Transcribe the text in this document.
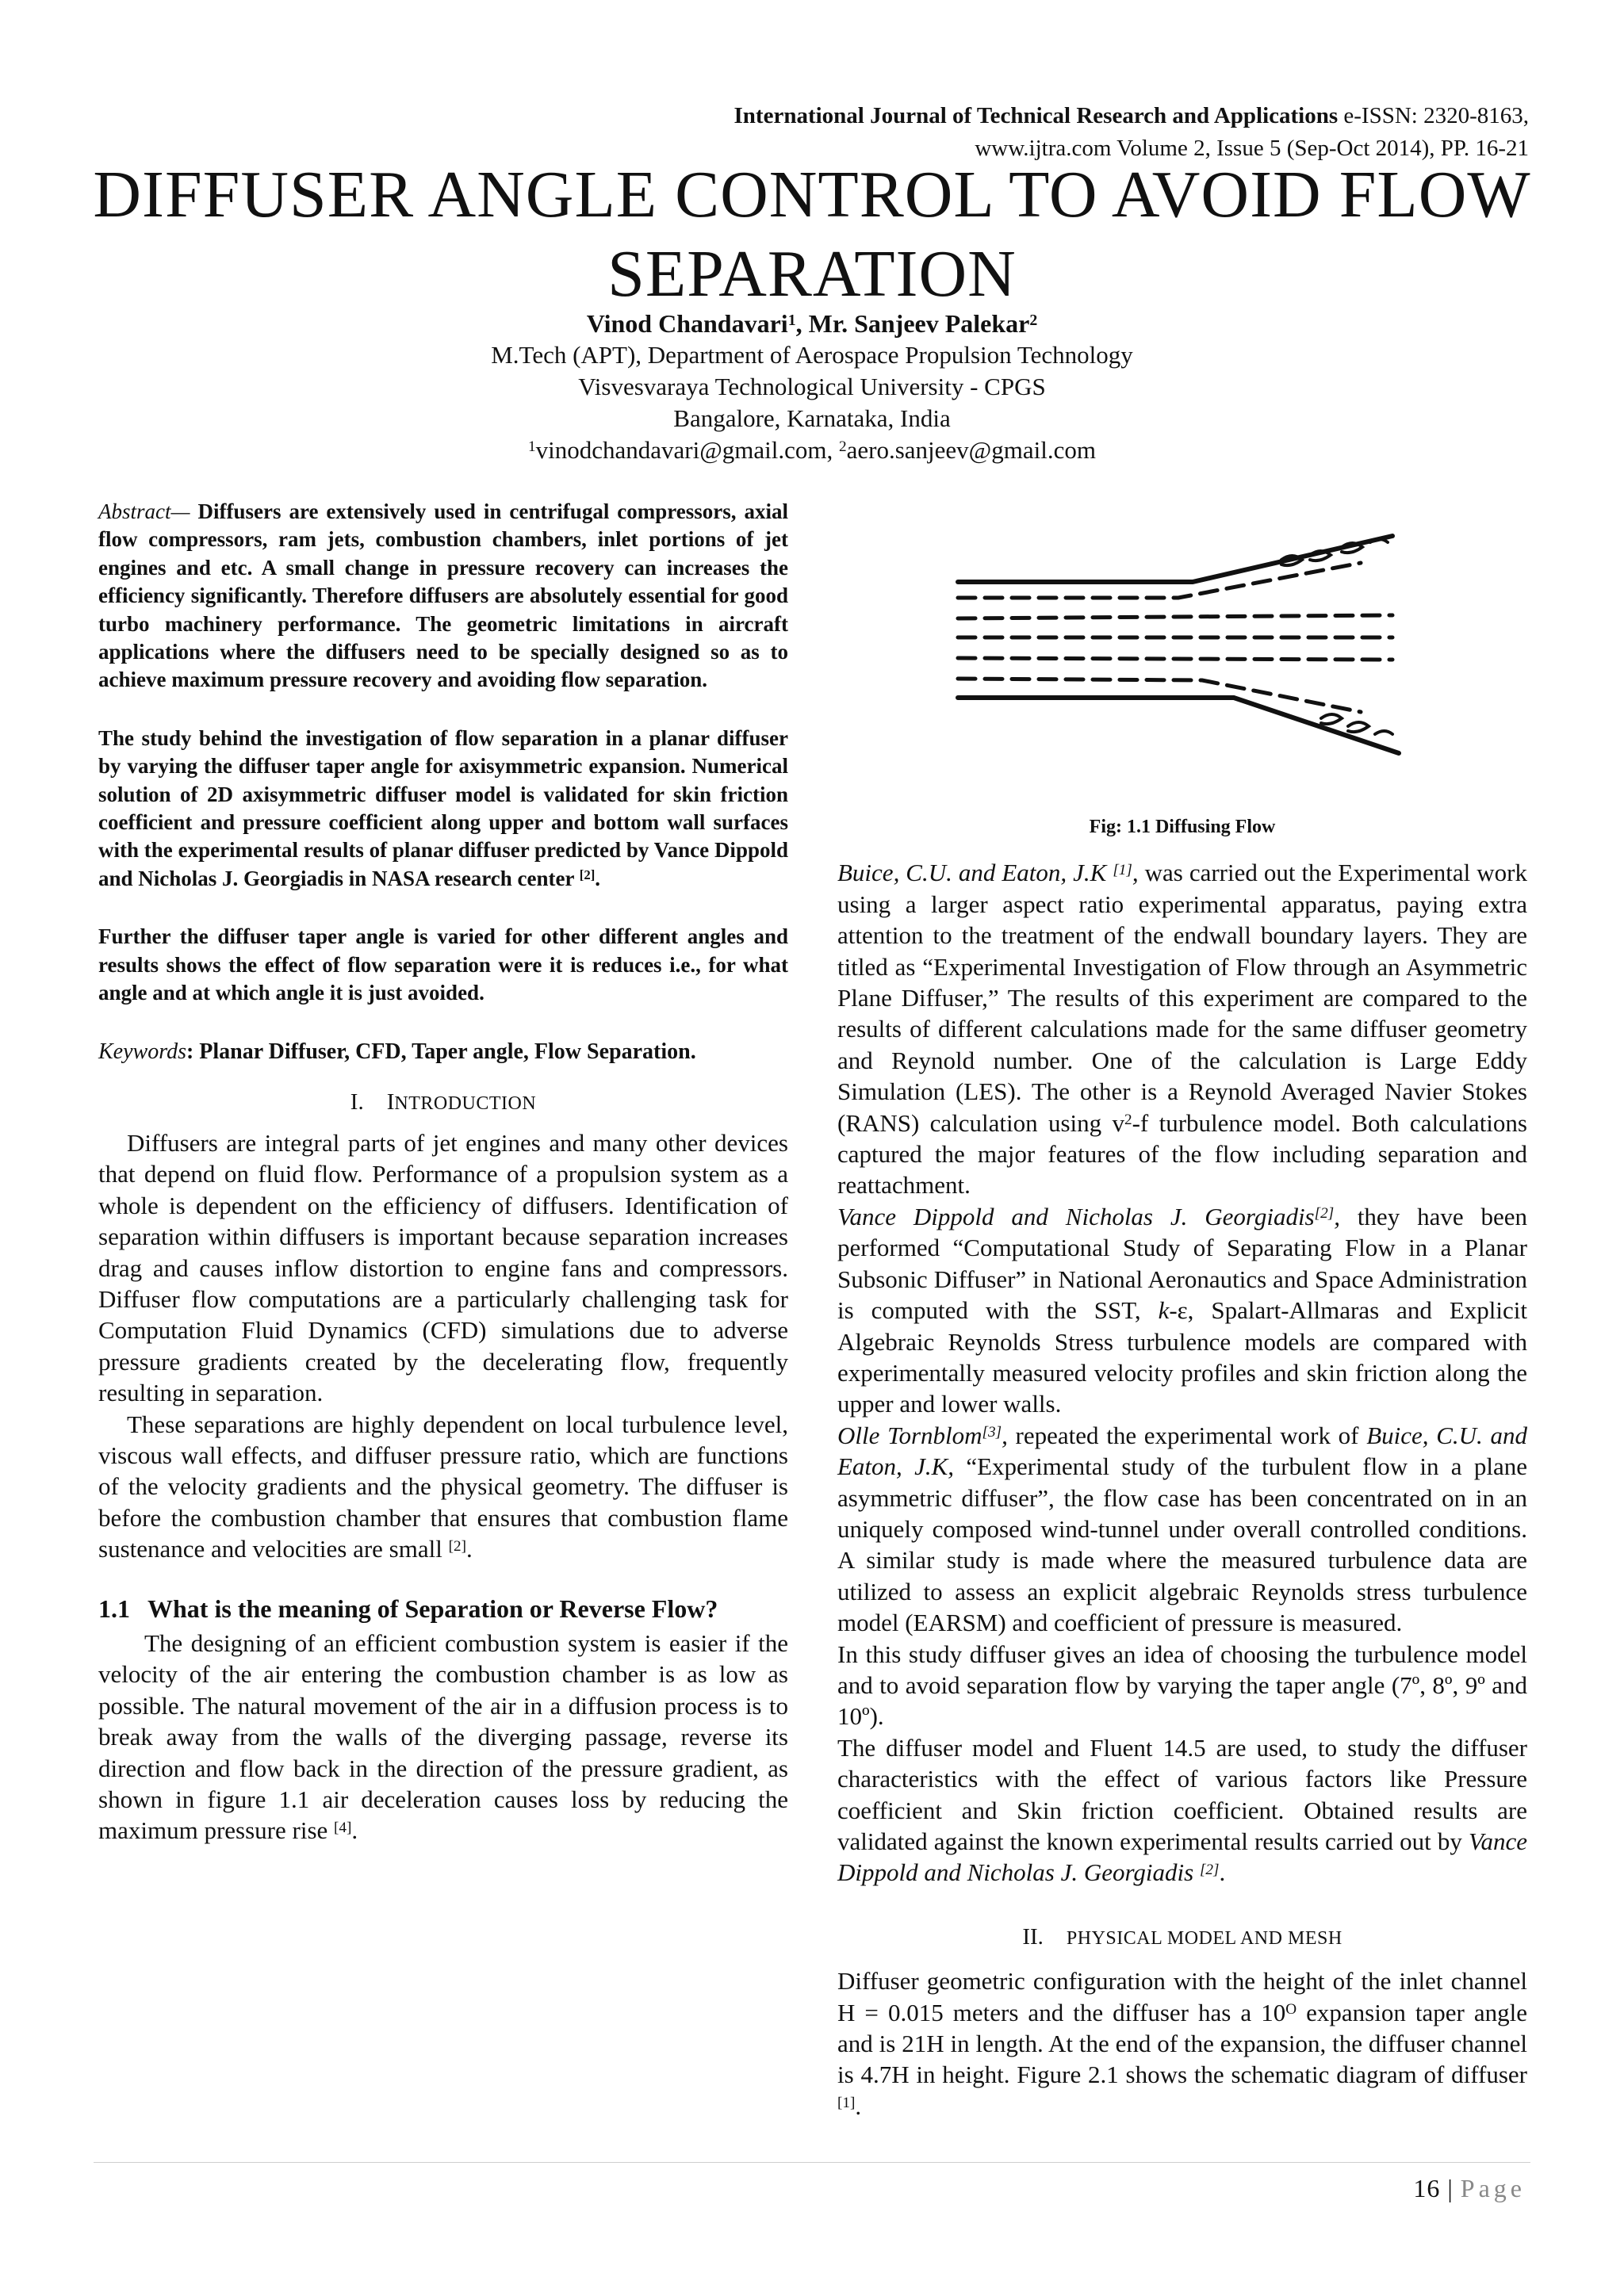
International Journal of Technical Research and Applications e-ISSN: 2320-8163,
www.ijtra.com Volume 2, Issue 5 (Sep-Oct 2014), PP. 16-21
DIFFUSER ANGLE CONTROL TO AVOID FLOW SEPARATION
Vinod Chandavari$^1$, Mr. Sanjeev Palekar$^2$
M.Tech (APT), Department of Aerospace Propulsion Technology
Visvesvaraya Technological University - CPGS
Bangalore, Karnataka, India
$^1$vinodchandavari@gmail.com, $^2$aero.sanjeev@gmail.com

Abstract— Diffusers are extensively used in centrifugal compressors, axial flow compressors, ram jets, combustion chambers, inlet portions of jet engines and etc. A small change in pressure recovery can increases the efficiency significantly. Therefore diffusers are absolutely essential for good turbo machinery performance. The geometric limitations in aircraft applications where the diffusers need to be specially designed so as to achieve maximum pressure recovery and avoiding flow separation.

The study behind the investigation of flow separation in a planar diffuser by varying the diffuser taper angle for axisymmetric expansion. Numerical solution of 2D axisymmetric diffuser model is validated for skin friction coefficient and pressure coefficient along upper and bottom wall surfaces with the experimental results of planar diffuser predicted by Vance Dippold and Nicholas J. Georgiadis in NASA research center [2].

Further the diffuser taper angle is varied for other different angles and results shows the effect of flow separation were it is reduces i.e., for what angle and at which angle it is just avoided.

Keywords: Planar Diffuser, CFD, Taper angle, Flow Separation.

I. INTRODUCTION

Diffusers are integral parts of jet engines and many other devices that depend on fluid flow. Performance of a propulsion system as a whole is dependent on the efficiency of diffusers. Identification of separation within diffusers is important because separation increases drag and causes inflow distortion to engine fans and compressors. Diffuser flow computations are a particularly challenging task for Computation Fluid Dynamics (CFD) simulations due to adverse pressure gradients created by the decelerating flow, frequently resulting in separation.

These separations are highly dependent on local turbulence level, viscous wall effects, and diffuser pressure ratio, which are functions of the velocity gradients and the physical geometry. The diffuser is before the combustion chamber that ensures that combustion flame sustenance and velocities are small [2].

1.1 What is the meaning of Separation or Reverse Flow?

The designing of an efficient combustion system is easier if the velocity of the air entering the combustion chamber is as low as possible. The natural movement of the air in a diffusion process is to break away from the walls of the diverging passage, reverse its direction and flow back in the direction of the pressure gradient, as shown in figure 1.1 air deceleration causes loss by reducing the maximum pressure rise [4].

Fig: 1.1 Diffusing Flow

Buice, C.U. and Eaton, J.K [1], was carried out the Experimental work using a larger aspect ratio experimental apparatus, paying extra attention to the treatment of the endwall boundary layers. They are titled as “Experimental Investigation of Flow through an Asymmetric Plane Diffuser,” The results of this experiment are compared to the results of different calculations made for the same diffuser geometry and Reynold number. One of the calculation is Large Eddy Simulation (LES). The other is a Reynold Averaged Navier Stokes (RANS) calculation using $v^2-f$ turbulence model. Both calculations captured the major features of the flow including separation and reattachment.

Vance Dippold and Nicholas J. Georgiadis[2], they have been performed “Computational Study of Separating Flow in a Planar Subsonic Diffuser” in National Aeronautics and Space Administration is computed with the SST, k-ε, Spalart-Allmaras and Explicit Algebraic Reynolds Stress turbulence models are compared with experimentally measured velocity profiles and skin friction along the upper and lower walls.

Olle Tornblom[3], repeated the experimental work of Buice, C.U. and Eaton, J.K, “Experimental study of the turbulent flow in a plane asymmetric diffuser”, the flow case has been concentrated on in an uniquely composed wind-tunnel under overall controlled conditions. A similar study is made where the measured turbulence data are utilized to assess an explicit algebraic Reynolds stress turbulence model (EARSM) and coefficient of pressure is measured.

In this study diffuser gives an idea of choosing the turbulence model and to avoid separation flow by varying the taper angle (7º, 8º, 9º and 10º).

The diffuser model and Fluent 14.5 are used, to study the diffuser characteristics with the effect of various factors like Pressure coefficient and Skin friction coefficient. Obtained results are validated against the known experimental results carried out by Vance Dippold and Nicholas J. Georgiadis [2].

II. PHYSICAL MODEL AND MESH

Diffuser geometric configuration with the height of the inlet channel H = 0.015 meters and the diffuser has a $10^O$ expansion taper angle and is 21H in length. At the end of the expansion, the diffuser channel is 4.7H in height. Figure 2.1 shows the schematic diagram of diffuser [1].

16 | Page
